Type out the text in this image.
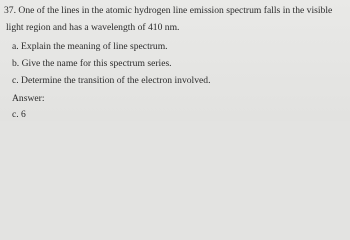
37. One of the lines in the atomic hydrogen line emission spectrum falls in the visible
light region and has a wavelength of 410 nm.
a. Explain the meaning of line spectrum.
b. Give the name for this spectrum series.
c. Determine the transition of the electron involved.
Answer:
c. 6
